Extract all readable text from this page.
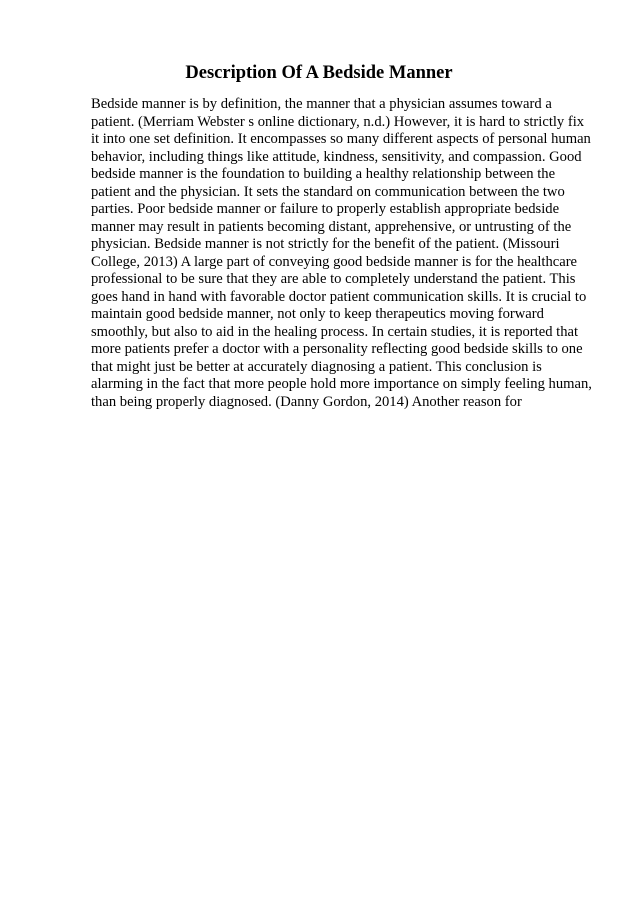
Description Of A Bedside Manner
Bedside manner is by definition, the manner that a physician assumes toward a
patient. (Merriam Webster s online dictionary, n.d.) However, it is hard to strictly fix
it into one set definition. It encompasses so many different aspects of personal human
behavior, including things like attitude, kindness, sensitivity, and compassion. Good
bedside manner is the foundation to building a healthy relationship between the
patient and the physician. It sets the standard on communication between the two
parties. Poor bedside manner or failure to properly establish appropriate bedside
manner may result in patients becoming distant, apprehensive, or untrusting of the
physician. Bedside manner is not strictly for the benefit of the patient. (Missouri
College, 2013) A large part of conveying good bedside manner is for the healthcare
professional to be sure that they are able to completely understand the patient. This
goes hand in hand with favorable doctor patient communication skills. It is crucial to
maintain good bedside manner, not only to keep therapeutics moving forward
smoothly, but also to aid in the healing process. In certain studies, it is reported that
more patients prefer a doctor with a personality reflecting good bedside skills to one
that might just be better at accurately diagnosing a patient. This conclusion is
alarming in the fact that more people hold more importance on simply feeling human,
than being properly diagnosed. (Danny Gordon, 2014) Another reason for
